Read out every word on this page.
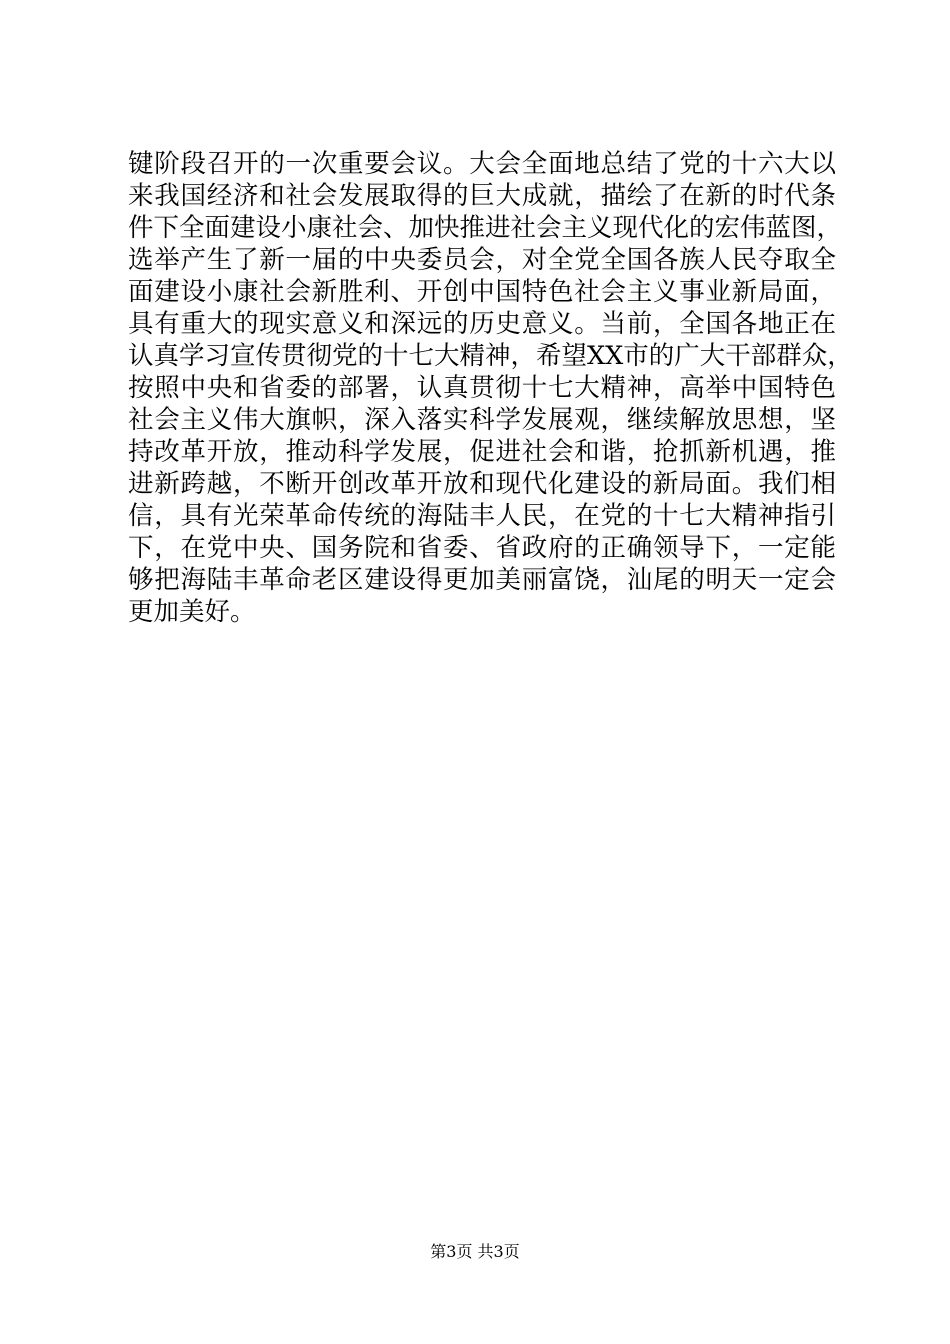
键阶段召开的一次重要会议。大会全面地总结了党的十六大以
来我国经济和社会发展取得的巨大成就，描绘了在新的时代条
件下全面建设小康社会、加快推进社会主义现代化的宏伟蓝图，
选举产生了新一届的中央委员会，对全党全国各族人民夺取全
面建设小康社会新胜利、开创中国特色社会主义事业新局面，
具有重大的现实意义和深远的历史意义。当前，全国各地正在
认真学习宣传贯彻党的十七大精神，希望XX市的广大干部群众，
按照中央和省委的部署，认真贯彻十七大精神，高举中国特色
社会主义伟大旗帜，深入落实科学发展观，继续解放思想，坚
持改革开放，推动科学发展，促进社会和谐，抢抓新机遇，推
进新跨越，不断开创改革开放和现代化建设的新局面。我们相
信，具有光荣革命传统的海陆丰人民，在党的十七大精神指引
下，在党中央、国务院和省委、省政府的正确领导下，一定能
够把海陆丰革命老区建设得更加美丽富饶，汕尾的明天一定会
更加美好。
第3页 共3页
